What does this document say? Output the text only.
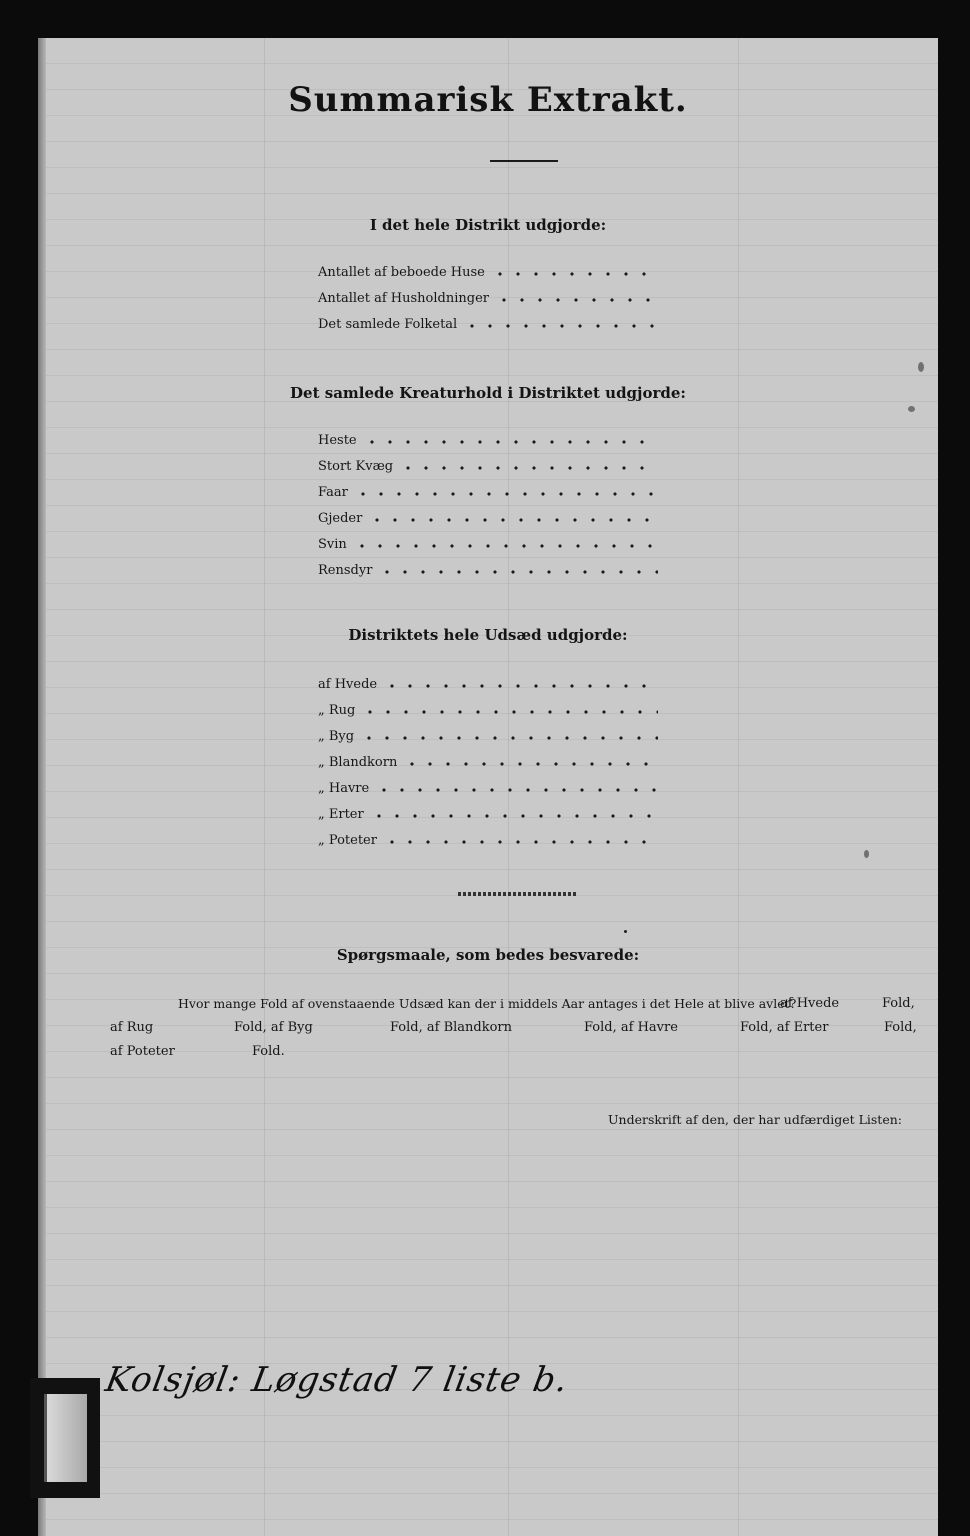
Summarisk Extrakt.
I det hele Distrikt udgjorde:
Antallet af beboede Huse
Antallet af Husholdninger
Det samlede Folketal
Det samlede Kreaturhold i Distriktet udgjorde:
Heste
Stort Kvæg
Faar
Gjeder
Svin
Rensdyr
Distriktets hele Udsæd udgjorde:
af Hvede
„ Rug
„ Byg
„ Blandkorn
„ Havre
„ Erter
„ Poteter
Spørgsmaale, som bedes besvarede:
Hvor mange Fold af ovenstaaende Udsæd kan der i middels Aar antages i det Hele at blive avlet?
af Hvede	Fold,
af Rug	Fold, af Byg	Fold, af Blandkorn	Fold, af Havre	Fold, af Erter	Fold,
af Poteter	Fold.
Underskrift af den, der har udfærdiget Listen:
Kolsjøl: Løgstad 7 liste b.
